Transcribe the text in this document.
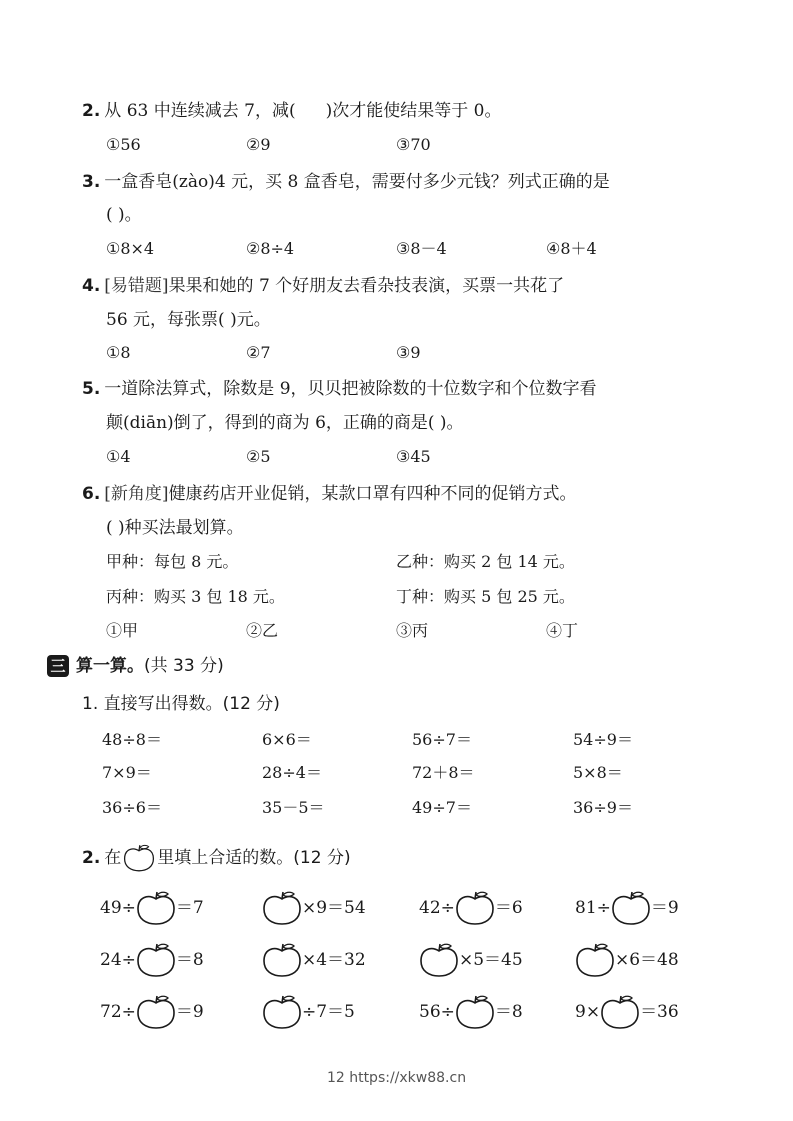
2. 从 63 中连续减去 7，减( )次才能使结果等于 0。
①56	②9	③70
3. 一盒香皂(zào)4 元，买 8 盒香皂，需要付多少元钱？列式正确的是
( )。
①8×4	②8÷4	③8－4	④8＋4
4. [易错题]果果和她的 7 个好朋友去看杂技表演，买票一共花了
56 元，每张票( )元。
①8	②7	③9
5. 一道除法算式，除数是 9，贝贝把被除数的十位数字和个位数字看
颠(diān)倒了，得到的商为 6，正确的商是( )。
①4	②5	③45
6. [新角度]健康药店开业促销，某款口罩有四种不同的促销方式。
( )种买法最划算。
甲种：每包 8 元。	乙种：购买 2 包 14 元。
丙种：购买 3 包 18 元。	丁种：购买 5 包 25 元。
①甲	②乙	③丙	④丁
三 算一算。(共 33 分)
1. 直接写出得数。(12 分)
48÷8＝	6×6＝	56÷7＝	54÷9＝
7×9＝	28÷4＝	72＋8＝	5×8＝
36÷6＝	35－5＝	49÷7＝	36÷9＝
2. 在 里填上合适的数。(12 分)
49÷ ＝7	×9＝54	42÷ ＝6	81÷ ＝9
24÷ ＝8	×4＝32	×5＝45	×6＝48
72÷ ＝9	÷7＝5	56÷ ＝8	9× ＝36
12 https://xkw88.cn
